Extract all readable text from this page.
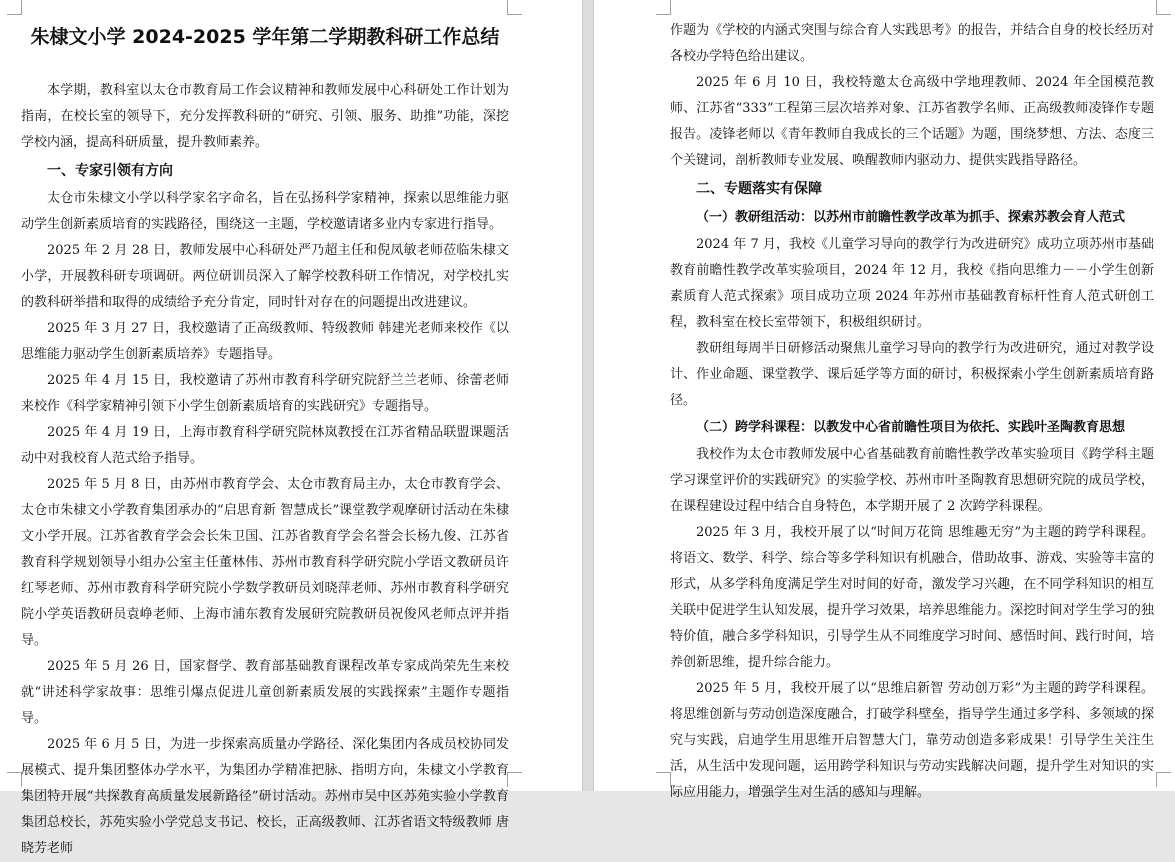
朱棣文小学 2024-2025 学年第二学期教科研工作总结

本学期，教科室以太仓市教育局工作会议精神和教师发展中心科研处工作计划为指南，在校长室的领导下，充分发挥教科研的“研究、引领、服务、助推”功能，深挖学校内涵，提高科研质量，提升教师素养。

一、专家引领有方向

太仓市朱棣文小学以科学家名字命名，旨在弘扬科学家精神，探索以思维能力驱动学生创新素质培育的实践路径，围绕这一主题，学校邀请诸多业内专家进行指导。

2025 年 2 月 28 日，教师发展中心科研处严乃超主任和倪凤敏老师莅临朱棣文小学，开展教科研专项调研。两位研训员深入了解学校教科研工作情况，对学校扎实的教科研举措和取得的成绩给予充分肯定，同时针对存在的问题提出改进建议。

2025 年 3 月 27 日，我校邀请了正高级教师、特级教师 韩建光老师来校作《以思维能力驱动学生创新素质培养》专题指导。

2025 年 4 月 15 日，我校邀请了苏州市教育科学研究院舒兰兰老师、徐蕾老师来校作《科学家精神引领下小学生创新素质培育的实践研究》专题指导。

2025 年 4 月 19 日，上海市教育科学研究院林岚教授在江苏省精品联盟课题活动中对我校育人范式给予指导。

2025 年 5 月 8 日，由苏州市教育学会、太仓市教育局主办，太仓市教育学会、太仓市朱棣文小学教育集团承办的“启思育新 智慧成长”课堂教学观摩研讨活动在朱棣文小学开展。江苏省教育学会会长朱卫国、江苏省教育学会名誉会长杨九俊、江苏省教育科学规划领导小组办公室主任董林伟、苏州市教育科学研究院小学语文教研员许红琴老师、苏州市教育科学研究院小学数学教研员刘晓萍老师、苏州市教育科学研究院小学英语教研员袁峥老师、上海市浦东教育发展研究院教研员祝俊风老师点评并指导。

2025 年 5 月 26 日，国家督学、教育部基础教育课程改革专家成尚荣先生来校就“讲述科学家故事：思维引爆点促进儿童创新素质发展的实践探索”主题作专题指导。

2025 年 6 月 5 日，为进一步探索高质量办学路径、深化集团内各成员校协同发展模式、提升集团整体办学水平，为集团办学精准把脉、指明方向，朱棣文小学教育集团特开展“共探教育高质量发展新路径”研讨活动。苏州市吴中区苏苑实验小学教育集团总校长，苏苑实验小学党总支书记、校长，正高级教师、江苏省语文特级教师 唐晓芳老师

作题为《学校的内涵式突围与综合育人实践思考》的报告，并结合自身的校长经历对各校办学特色给出建议。

2025 年 6 月 10 日，我校特邀太仓高级中学地理教师、2024 年全国模范教师、江苏省“333”工程第三层次培养对象、江苏省教学名师、正高级教师凌锋作专题报告。凌锋老师以《青年教师自我成长的三个话题》为题，围绕梦想、方法、态度三个关键词，剖析教师专业发展、唤醒教师内驱动力、提供实践指导路径。

二、专题落实有保障
（一）教研组活动：以苏州市前瞻性教学改革为抓手、探索苏教会育人范式

2024 年 7 月，我校《儿童学习导向的教学行为改进研究》成功立项苏州市基础教育前瞻性教学改革实验项目，2024 年 12 月，我校《指向思维力－－小学生创新素质育人范式探索》项目成功立项 2024 年苏州市基础教育标杆性育人范式研创工程，教科室在校长室带领下，积极组织研讨。

教研组每周半日研修活动聚焦儿童学习导向的教学行为改进研究，通过对教学设计、作业命题、课堂教学、课后延学等方面的研讨，积极探索小学生创新素质培育路径。

（二）跨学科课程：以教发中心省前瞻性项目为依托、实践叶圣陶教育思想

我校作为太仓市教师发展中心省基础教育前瞻性教学改革实验项目《跨学科主题学习课堂评价的实践研究》的实验学校、苏州市叶圣陶教育思想研究院的成员学校，在课程建设过程中结合自身特色，本学期开展了 2 次跨学科课程。

2025 年 3 月，我校开展了以“时间万花筒 思维趣无穷”为主题的跨学科课程。将语文、数学、科学、综合等多学科知识有机融合，借助故事、游戏、实验等丰富的形式，从多学科角度满足学生对时间的好奇，激发学习兴趣，在不同学科知识的相互关联中促进学生认知发展，提升学习效果，培养思维能力。深挖时间对学生学习的独特价值，融合多学科知识，引导学生从不同维度学习时间、感悟时间、践行时间，培养创新思维，提升综合能力。

2025 年 5 月，我校开展了以“思维启新智 劳动创万彩”为主题的跨学科课程。将思维创新与劳动创造深度融合，打破学科壁垒，指导学生通过多学科、多领域的探究与实践，启迪学生用思维开启智慧大门，靠劳动创造多彩成果！引导学生关注生活，从生活中发现问题，运用跨学科知识与劳动实践解决问题，提升学生对知识的实际应用能力，增强学生对生活的感知与理解。
